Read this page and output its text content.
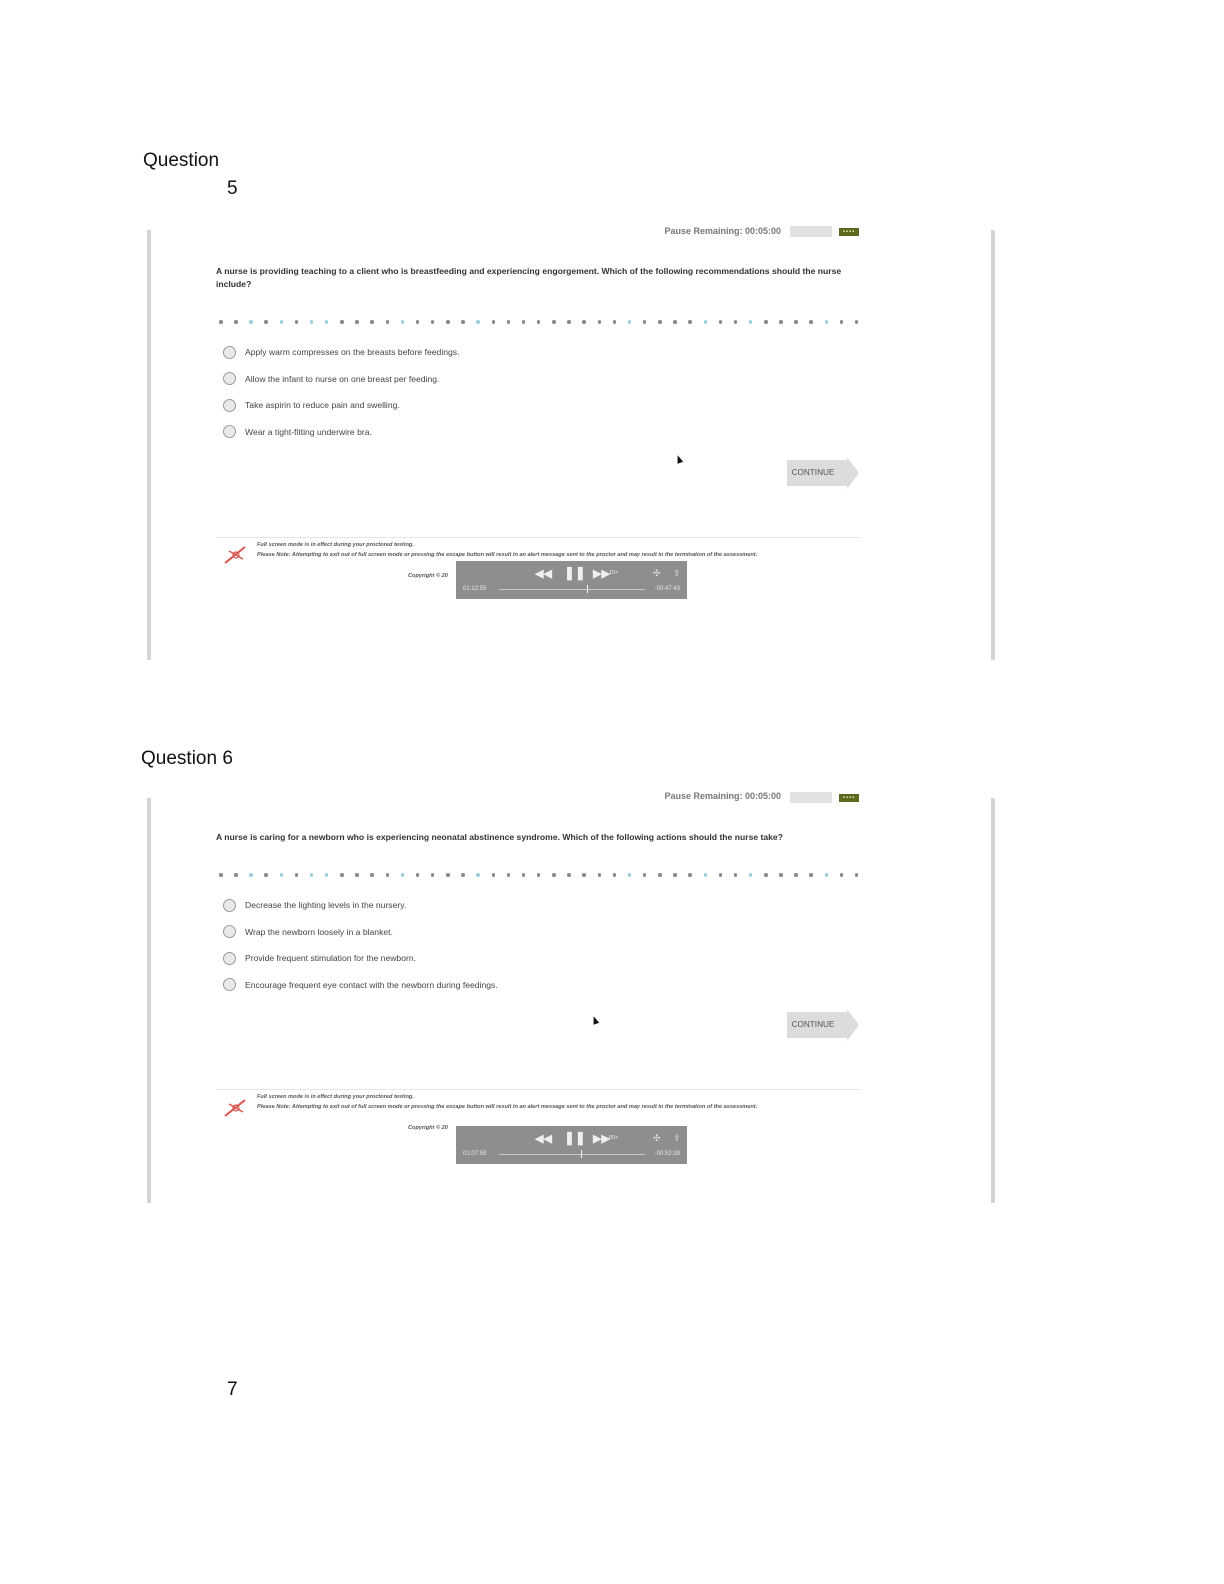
Question
5
Question 6
7
Pause Remaining: 00:05:00	▪▪▪▪
A nurse is providing teaching to a client who is breastfeeding and experiencing engorgement. Which of the following recommendations should the nurse include?
Apply warm compresses on the breasts before feedings.
Allow the infant to nurse on one breast per feeding.
Take aspirin to reduce pain and swelling.
Wear a tight-fitting underwire bra.
CONTINUE
Full screen mode is in effect during your proctored testing.
Please Note: Attempting to exit out of full screen mode or pressing the escape button will result in an alert message sent to the proctor and may result in the termination of the assessment.
Copyright © 20	◀◀ ❚❚ ▶▶ 10×	✣ ⇪
01:12:55	-00:47:43
Pause Remaining: 00:05:00	▪▪▪▪
A nurse is caring for a newborn who is experiencing neonatal abstinence syndrome. Which of the following actions should the nurse take?
Decrease the lighting levels in the nursery.
Wrap the newborn loosely in a blanket.
Provide frequent stimulation for the newborn.
Encourage frequent eye contact with the newborn during feedings.
CONTINUE
Full screen mode is in effect during your proctored testing.
Please Note: Attempting to exit out of full screen mode or pressing the escape button will result in an alert message sent to the proctor and may result in the termination of the assessment.
Copyright © 20
◀◀ ❚❚ ▶▶ 60×	✣ ⇪
01:07:59	-00:52:39
